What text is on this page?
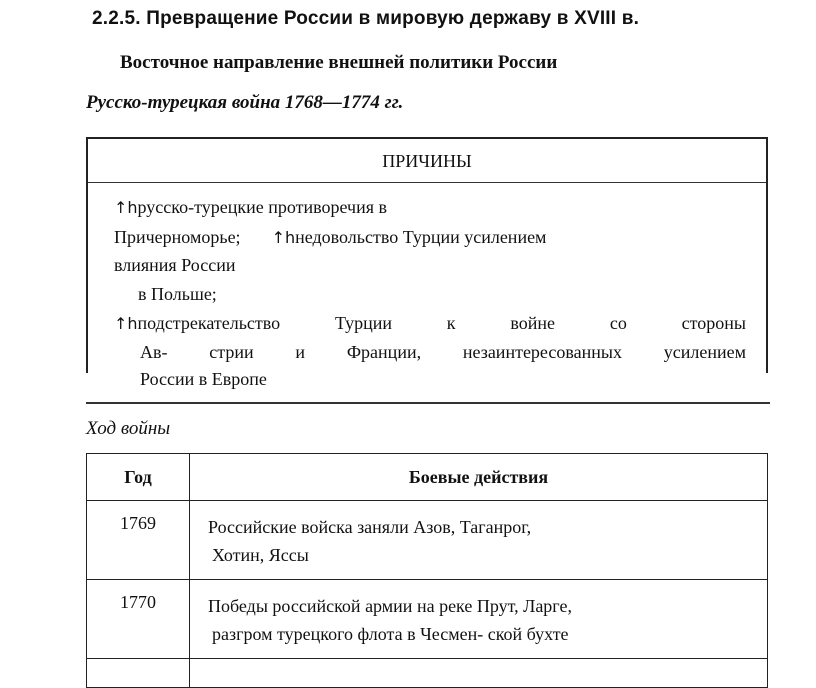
2.2.5. Превращение России в мировую державу в XVIII в.
Восточное направление внешней политики России
Русско-турецкая война 1768—1774 гг.
ПРИЧИНЫ
↑hрусско-турецкие противоречия в
Причерноморье; ↑hнедовольство Турции усилением
влияния России
в Польше;
↑hподстрекательство Турции к войне со стороны
Ав- стрии и Франции, незаинтересованных усилением
России в Европе
Ход войны
Год	Боевые действия
1769	Российские войска заняли Азов, Таганрог,
Хотин, Яссы

1770	Победы российской армии на реке Прут, Ларге,
разгром турецкого флота в Чесмен- ской бухте
